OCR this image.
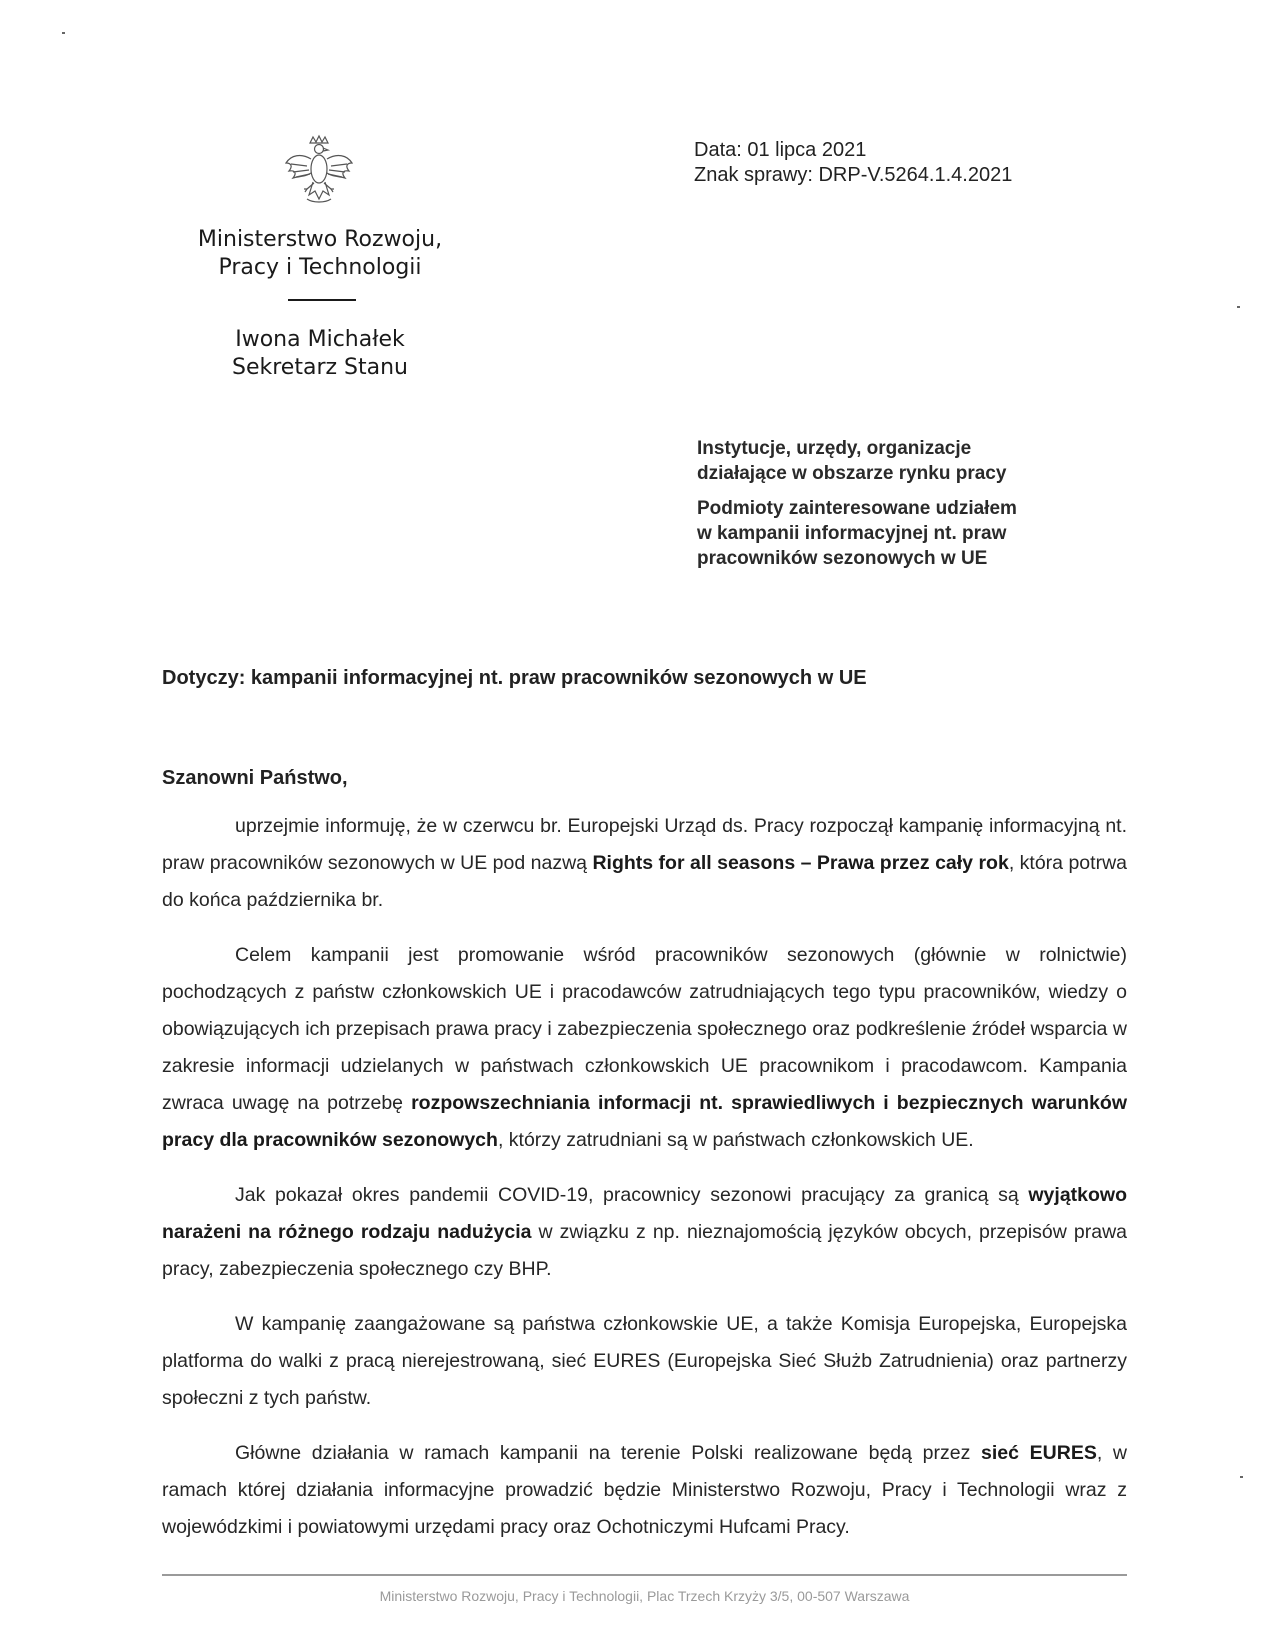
Ministerstwo Rozwoju,
Pracy i Technologii
Iwona Michałek
Sekretarz Stanu
Data: 01 lipca 2021
Znak sprawy: DRP-V.5264.1.4.2021
Instytucje, urzędy, organizacje
działające w obszarze rynku pracy
Podmioty zainteresowane udziałem
w kampanii informacyjnej nt. praw
pracowników sezonowych w UE
Dotyczy: kampanii informacyjnej nt. praw pracowników sezonowych w UE
Szanowni Państwo,

uprzejmie informuję, że w czerwcu br. Europejski Urząd ds. Pracy rozpoczął kampanię informacyjną nt. praw pracowników sezonowych w UE pod nazwą Rights for all seasons – Prawa przez cały rok, która potrwa do końca października br.

Celem kampanii jest promowanie wśród pracowników sezonowych (głównie w rolnictwie) pochodzących z państw członkowskich UE i pracodawców zatrudniających tego typu pracowników, wiedzy o obowiązujących ich przepisach prawa pracy i zabezpieczenia społecznego oraz podkreślenie źródeł wsparcia w zakresie informacji udzielanych w państwach członkowskich UE pracownikom i pracodawcom. Kampania zwraca uwagę na potrzebę rozpowszechniania informacji nt. sprawiedliwych i bezpiecznych warunków pracy dla pracowników sezonowych, którzy zatrudniani są w państwach członkowskich UE.

Jak pokazał okres pandemii COVID-19, pracownicy sezonowi pracujący za granicą są wyjątkowo narażeni na różnego rodzaju nadużycia w związku z np. nieznajomością języków obcych, przepisów prawa pracy, zabezpieczenia społecznego czy BHP.

W kampanię zaangażowane są państwa członkowskie UE, a także Komisja Europejska, Europejska platforma do walki z pracą nierejestrowaną, sieć EURES (Europejska Sieć Służb Zatrudnienia) oraz partnerzy społeczni z tych państw.

Główne działania w ramach kampanii na terenie Polski realizowane będą przez sieć EURES, w ramach której działania informacyjne prowadzić będzie Ministerstwo Rozwoju, Pracy i Technologii wraz z wojewódzkimi i powiatowymi urzędami pracy oraz Ochotniczymi Hufcami Pracy.

Ministerstwo Rozwoju, Pracy i Technologii, Plac Trzech Krzyży 3/5, 00-507 Warszawa
